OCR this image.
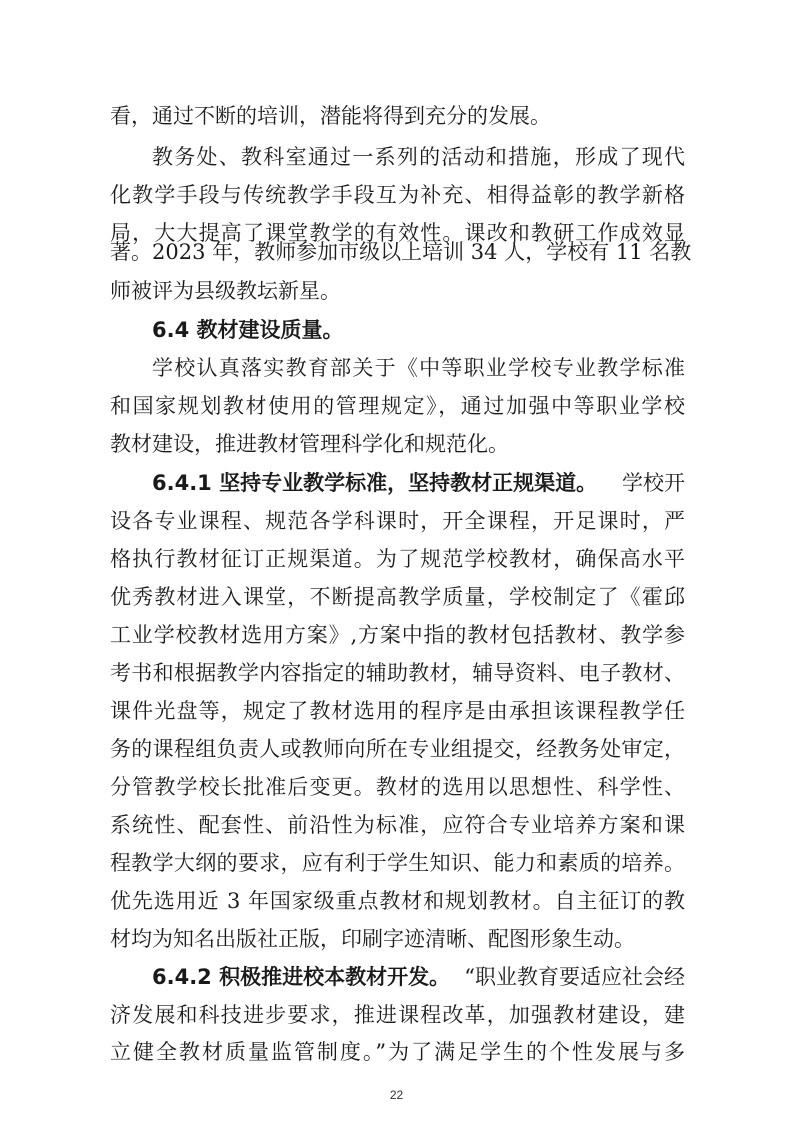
看，通过不断的培训，潜能将得到充分的发展。
教务处、教科室通过一系列的活动和措施，形成了现代
化教学手段与传统教学手段互为补充、相得益彰的教学新格
局，大大提高了课堂教学的有效性。课改和教研工作成效显
著。2023 年，教师参加市级以上培训 34 人，学校有 11 名教
师被评为县级教坛新星。
6.4 教材建设质量。
学校认真落实教育部关于《中等职业学校专业教学标准
和国家规划教材使用的管理规定》，通过加强中等职业学校
教材建设，推进教材管理科学化和规范化。
6.4.1 坚持专业教学标准，坚持教材正规渠道。 学校开
设各专业课程、规范各学科课时，开全课程，开足课时，严
格执行教材征订正规渠道。为了规范学校教材，确保高水平
优秀教材进入课堂，不断提高教学质量，学校制定了《霍邱
工业学校教材选用方案》,方案中指的教材包括教材、教学参
考书和根据教学内容指定的辅助教材，辅导资料、电子教材、
课件光盘等，规定了教材选用的程序是由承担该课程教学任
务的课程组负责人或教师向所在专业组提交，经教务处审定，
分管教学校长批准后变更。教材的选用以思想性、科学性、
系统性、配套性、前沿性为标准，应符合专业培养方案和课
程教学大纲的要求，应有利于学生知识、能力和素质的培养。
优先选用近 3 年国家级重点教材和规划教材。自主征订的教
材均为知名出版社正版，印刷字迹清晰、配图形象生动。
6.4.2 积极推进校本教材开发。 “职业教育要适应社会经
济发展和科技进步要求，推进课程改革，加强教材建设，建
立健全教材质量监管制度。”为了满足学生的个性发展与多
22
